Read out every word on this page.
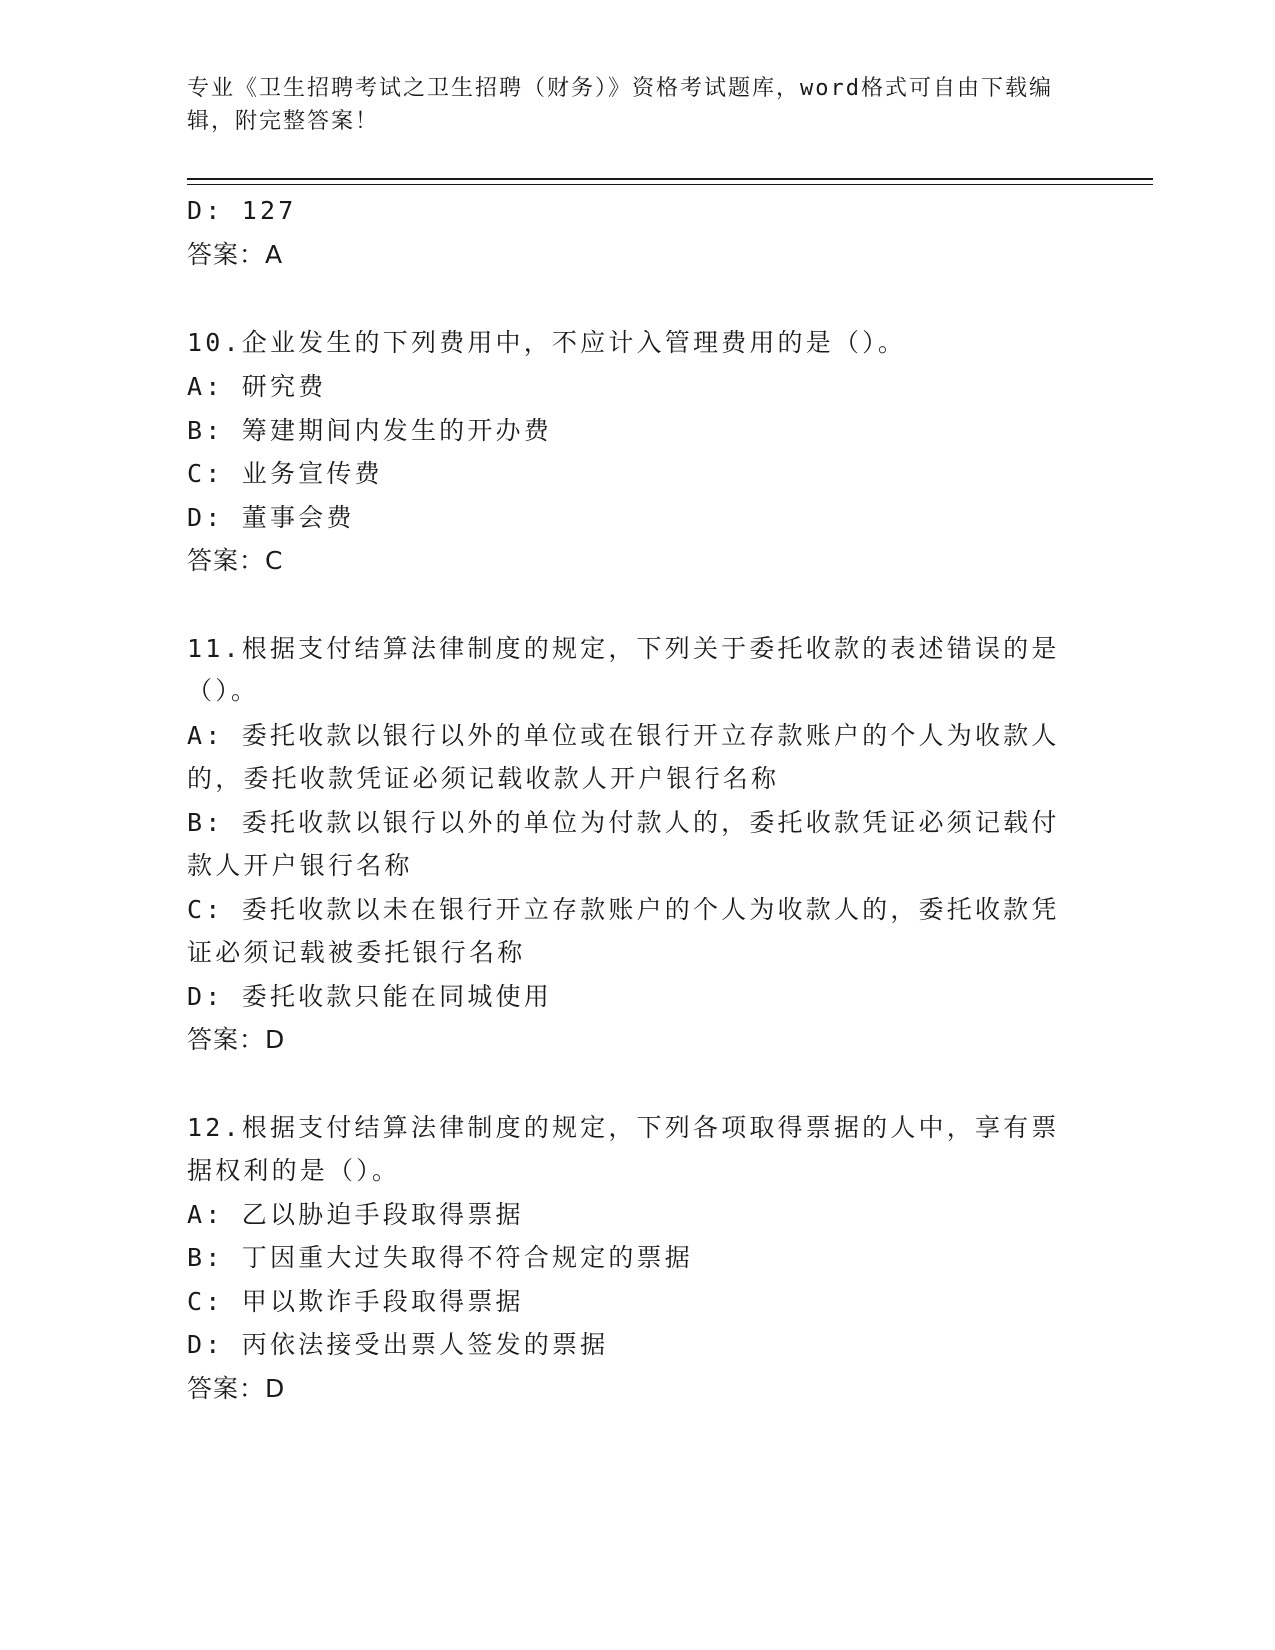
专业《卫生招聘考试之卫生招聘（财务）》资格考试题库，word格式可自由下载编辑，附完整答案！
D: 127
答案：A
10.企业发生的下列费用中，不应计入管理费用的是（）。
A: 研究费
B: 筹建期间内发生的开办费
C: 业务宣传费
D: 董事会费
答案：C
11.根据支付结算法律制度的规定，下列关于委托收款的表述错误的是
（）。
A: 委托收款以银行以外的单位或在银行开立存款账户的个人为收款人
的，委托收款凭证必须记载收款人开户银行名称
B: 委托收款以银行以外的单位为付款人的，委托收款凭证必须记载付
款人开户银行名称
C: 委托收款以未在银行开立存款账户的个人为收款人的，委托收款凭
证必须记载被委托银行名称
D: 委托收款只能在同城使用
答案：D
12.根据支付结算法律制度的规定，下列各项取得票据的人中，享有票
据权利的是（）。
A: 乙以胁迫手段取得票据
B: 丁因重大过失取得不符合规定的票据
C: 甲以欺诈手段取得票据
D: 丙依法接受出票人签发的票据
答案：D
